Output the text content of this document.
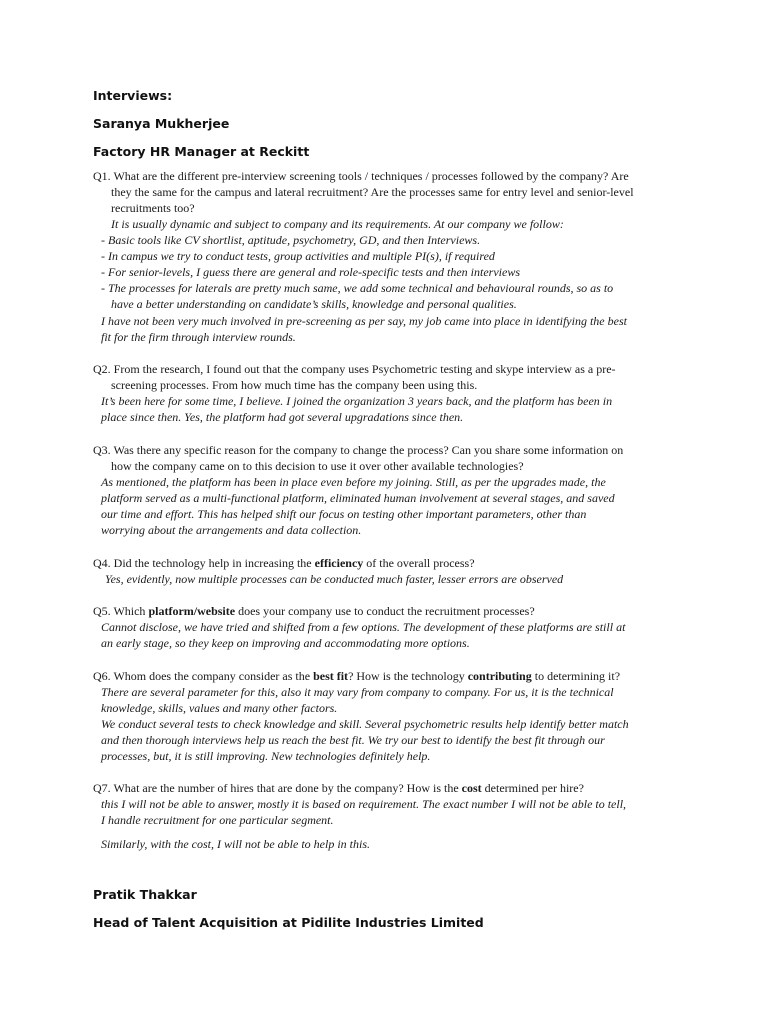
Interviews:
Saranya Mukherjee
Factory HR Manager at Reckitt
Q1. What are the different pre-interview screening tools / techniques / processes followed by the company? Are
they the same for the campus and lateral recruitment? Are the processes same for entry level and senior-level
recruitments too?
It is usually dynamic and subject to company and its requirements. At our company we follow:
- Basic tools like CV shortlist, aptitude, psychometry, GD, and then Interviews.
- In campus we try to conduct tests, group activities and multiple PI(s), if required
- For senior-levels, I guess there are general and role-specific tests and then interviews
- The processes for laterals are pretty much same, we add some technical and behavioural rounds, so as to
have a better understanding on candidate’s skills, knowledge and personal qualities.
I have not been very much involved in pre-screening as per say, my job came into place in identifying the best
fit for the firm through interview rounds.
Q2. From the research, I found out that the company uses Psychometric testing and skype interview as a pre-
screening processes. From how much time has the company been using this.
It’s been here for some time, I believe. I joined the organization 3 years back, and the platform has been in
place since then. Yes, the platform had got several upgradations since then.
Q3. Was there any specific reason for the company to change the process? Can you share some information on
how the company came on to this decision to use it over other available technologies?
As mentioned, the platform has been in place even before my joining. Still, as per the upgrades made, the
platform served as a multi-functional platform, eliminated human involvement at several stages, and saved
our time and effort. This has helped shift our focus on testing other important parameters, other than
worrying about the arrangements and data collection.
Q4. Did the technology help in increasing the efficiency of the overall process?
Yes, evidently, now multiple processes can be conducted much faster, lesser errors are observed
Q5. Which platform/website does your company use to conduct the recruitment processes?
Cannot disclose, we have tried and shifted from a few options. The development of these platforms are still at
an early stage, so they keep on improving and accommodating more options.
Q6. Whom does the company consider as the best fit? How is the technology contributing to determining it?
There are several parameter for this, also it may vary from company to company. For us, it is the technical
knowledge, skills, values and many other factors.
We conduct several tests to check knowledge and skill. Several psychometric results help identify better match
and then thorough interviews help us reach the best fit. We try our best to identify the best fit through our
processes, but, it is still improving. New technologies definitely help.
Q7. What are the number of hires that are done by the company? How is the cost determined per hire?
this I will not be able to answer, mostly it is based on requirement. The exact number I will not be able to tell,
I handle recruitment for one particular segment.
Similarly, with the cost, I will not be able to help in this.
Pratik Thakkar
Head of Talent Acquisition at Pidilite Industries Limited
